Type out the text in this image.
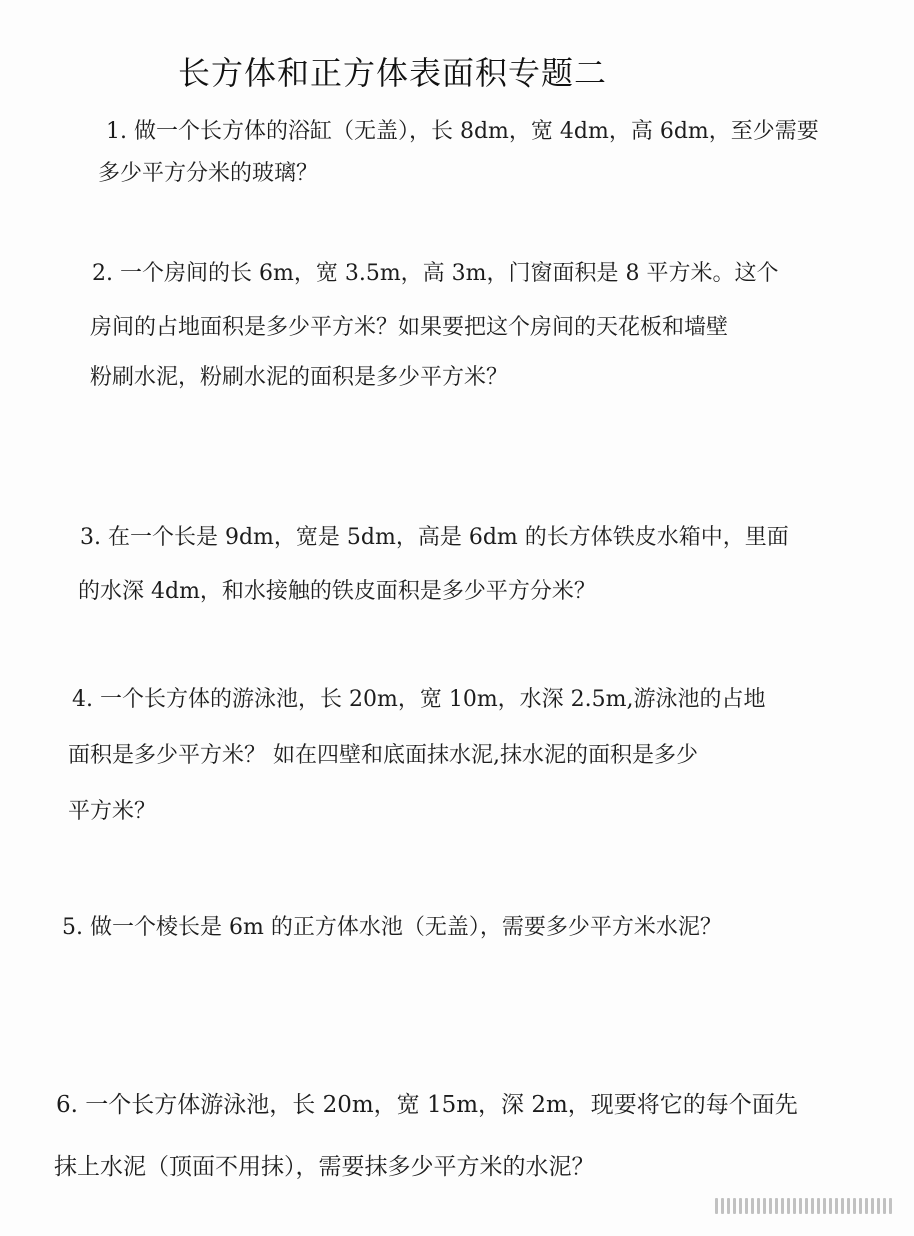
长方体和正方体表面积专题二
1. 做一个长方体的浴缸（无盖），长 8dm，宽 4dm，高 6dm，至少需要
多少平方分米的玻璃？
2. 一个房间的长 6m，宽 3.5m，高 3m，门窗面积是 8 平方米。这个
房间的占地面积是多少平方米？如果要把这个房间的天花板和墙壁
粉刷水泥，粉刷水泥的面积是多少平方米？
3. 在一个长是 9dm，宽是 5dm，高是 6dm 的长方体铁皮水箱中，里面
的水深 4dm，和水接触的铁皮面积是多少平方分米？
4. 一个长方体的游泳池，长 20m，宽 10m，水深 2.5m,游泳池的占地
面积是多少平方米？ 如在四壁和底面抹水泥,抹水泥的面积是多少
平方米？
5. 做一个棱长是 6m 的正方体水池（无盖），需要多少平方米水泥？
6. 一个长方体游泳池，长 20m，宽 15m，深 2m，现要将它的每个面先
抹上水泥（顶面不用抹），需要抹多少平方米的水泥？
